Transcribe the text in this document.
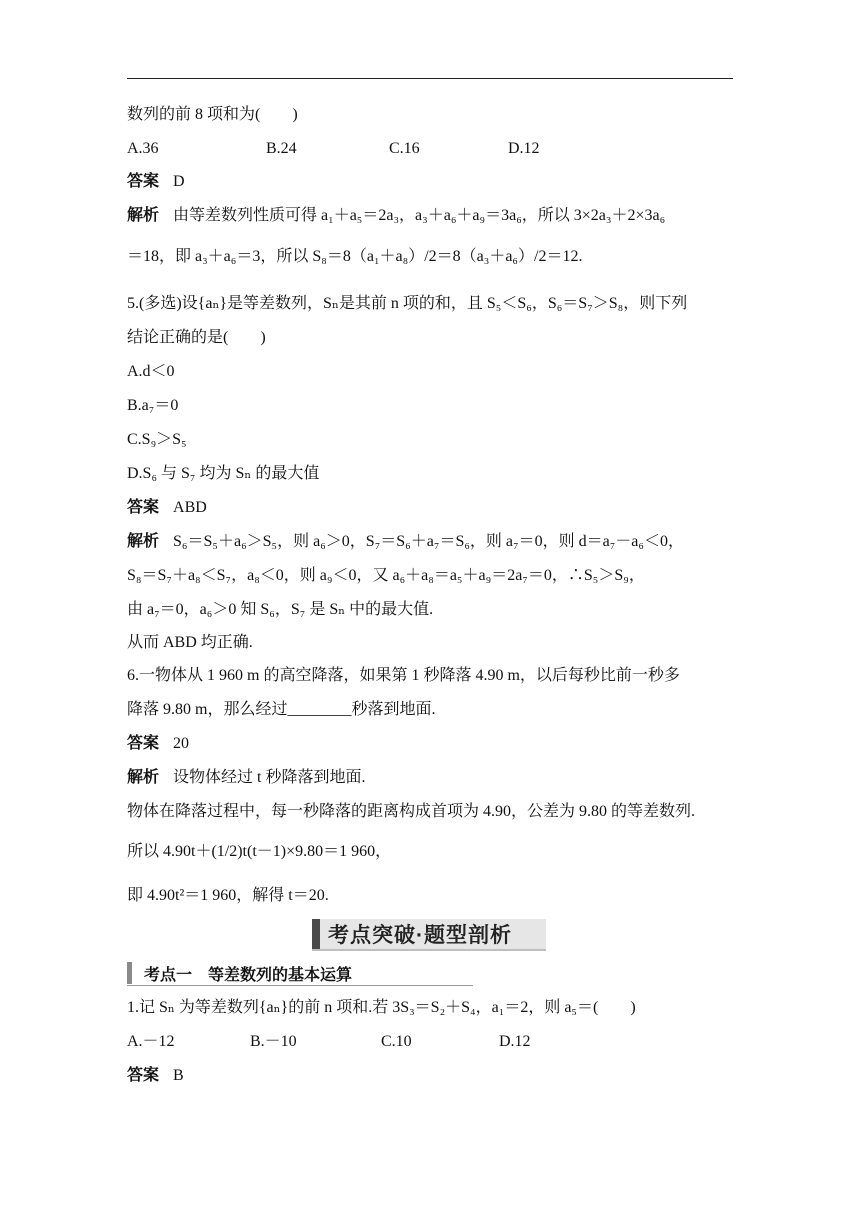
数列的前 8 项和为(　　)
A.36	B.24	C.16	D.12
答案 D
解析 由等差数列性质可得 a₁＋a₅＝2a₃，a₃＋a₆＋a₉＝3a₆，所以 3×2a₃＋2×3a₆
＝18，即 a₃＋a₆＝3，所以 S₈＝8（a₁＋a₈）/2＝8（a₃＋a₆）/2＝12.
5.(多选)设{aₙ}是等差数列，Sₙ是其前 n 项的和，且 S₅＜S₆，S₆＝S₇＞S₈，则下列
结论正确的是(　　)
A.d＜0
B.a₇＝0
C.S₉＞S₅
D.S₆ 与 S₇ 均为 Sₙ 的最大值
答案 ABD
解析 S₆＝S₅＋a₆＞S₅，则 a₆＞0，S₇＝S₆＋a₇＝S₆，则 a₇＝0，则 d＝a₇－a₆＜0，
S₈＝S₇＋a₈＜S₇，a₈＜0，则 a₉＜0，又 a₆＋a₈＝a₅＋a₉＝2a₇＝0，∴S₅＞S₉，
由 a₇＝0，a₆＞0 知 S₆，S₇ 是 Sₙ 中的最大值.
从而 ABD 均正确.
6.一物体从 1 960 m 的高空降落，如果第 1 秒降落 4.90 m，以后每秒比前一秒多
降落 9.80 m，那么经过________秒落到地面.
答案 20
解析 设物体经过 t 秒降落到地面.
物体在降落过程中，每一秒降落的距离构成首项为 4.90，公差为 9.80 的等差数列.
所以 4.90t＋(1/2)t(t－1)×9.80＝1 960，
即 4.90t²＝1 960，解得 t＝20.
考点突破·题型剖析
考点一　等差数列的基本运算
1.记 Sₙ 为等差数列{aₙ}的前 n 项和.若 3S₃＝S₂＋S₄，a₁＝2，则 a₅＝(　　)
A.－12	B.－10	C.10	D.12
答案 B
